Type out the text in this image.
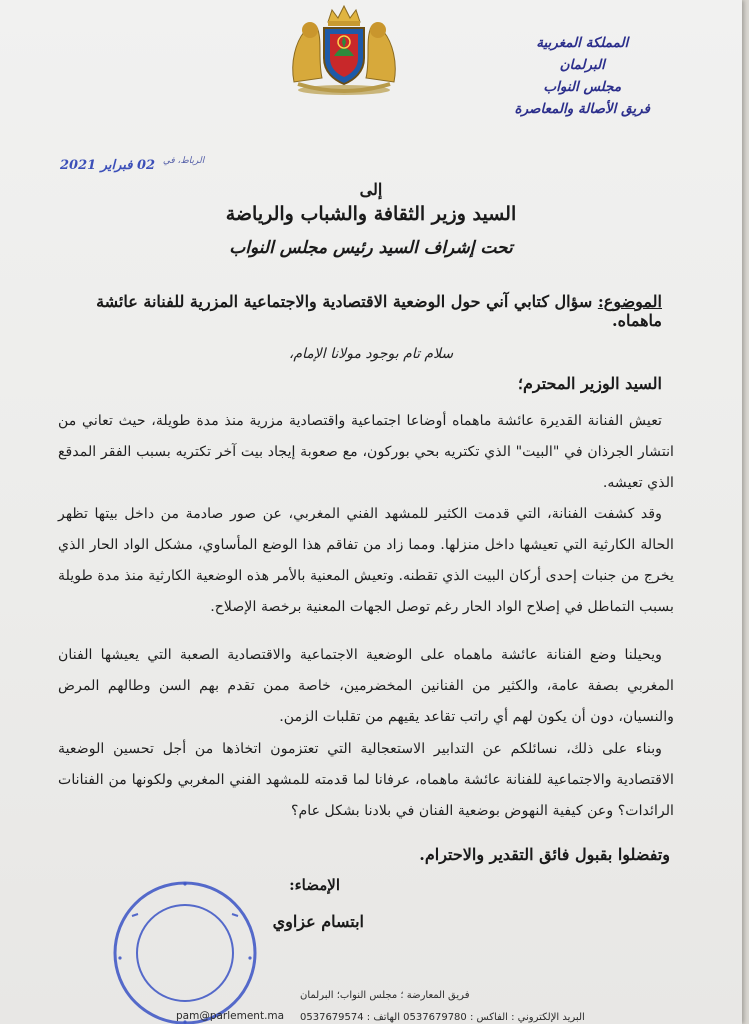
المملكة المغربية
البرلمان
مجلس النواب
فريق الأصالة والمعاصرة
$^{الرباط، في}$ 02 فبراير 2021
إلى
السيد وزير الثقافة والشباب والرياضة
تحت إشراف السيد رئيس مجلس النواب
الموضوع: سؤال كتابي آني حول الوضعية الاقتصادية والاجتماعية المزرية للفنانة عائشة ماهماه.
سلام تام بوجود مولانا الإمام،
السيد الوزير المحترم؛
تعيش الفنانة القديرة عائشة ماهماه أوضاعا اجتماعية واقتصادية مزرية منذ مدة طويلة، حيث تعاني من انتشار الجرذان في "البيت" الذي تكتريه بحي بوركون، مع صعوبة إيجاد بيت آخر تكتريه بسبب الفقر المدقع الذي تعيشه.
وقد كشفت الفنانة، التي قدمت الكثير للمشهد الفني المغربي، عن صور صادمة من داخل بيتها تظهر الحالة الكارثية التي تعيشها داخل منزلها. ومما زاد من تفاقم هذا الوضع المأساوي، مشكل الواد الحار الذي يخرج من جنبات إحدى أركان البيت الذي تقطنه. وتعيش المعنية بالأمر هذه الوضعية الكارثية منذ مدة طويلة بسبب التماطل في إصلاح الواد الحار رغم توصل الجهات المعنية برخصة الإصلاح.
ويحيلنا وضع الفنانة عائشة ماهماه على الوضعية الاجتماعية والاقتصادية الصعبة التي يعيشها الفنان المغربي بصفة عامة، والكثير من الفنانين المخضرمين، خاصة ممن تقدم بهم السن وطالهم المرض والنسيان، دون أن يكون لهم أي راتب تقاعد يقيهم من تقلبات الزمن.
وبناء على ذلك، نسائلكم عن التدابير الاستعجالية التي تعتزمون اتخاذها من أجل تحسين الوضعية الاقتصادية والاجتماعية للفنانة عائشة ماهماه، عرفانا لما قدمته للمشهد الفني المغربي ولكونها من الفنانات الرائدات؟ وعن كيفية النهوض بوضعية الفنان في بلادنا بشكل عام؟
وتفضلوا بقبول فائق التقدير والاحترام.
الإمضاء:
ابتسام عزاوي
فريق المعارضة ؛ مجلس النواب؛ البرلمان
pam@parlement.ma البريد الإلكتروني : الفاكس : 0537679780 الهاتف : 0537679574
